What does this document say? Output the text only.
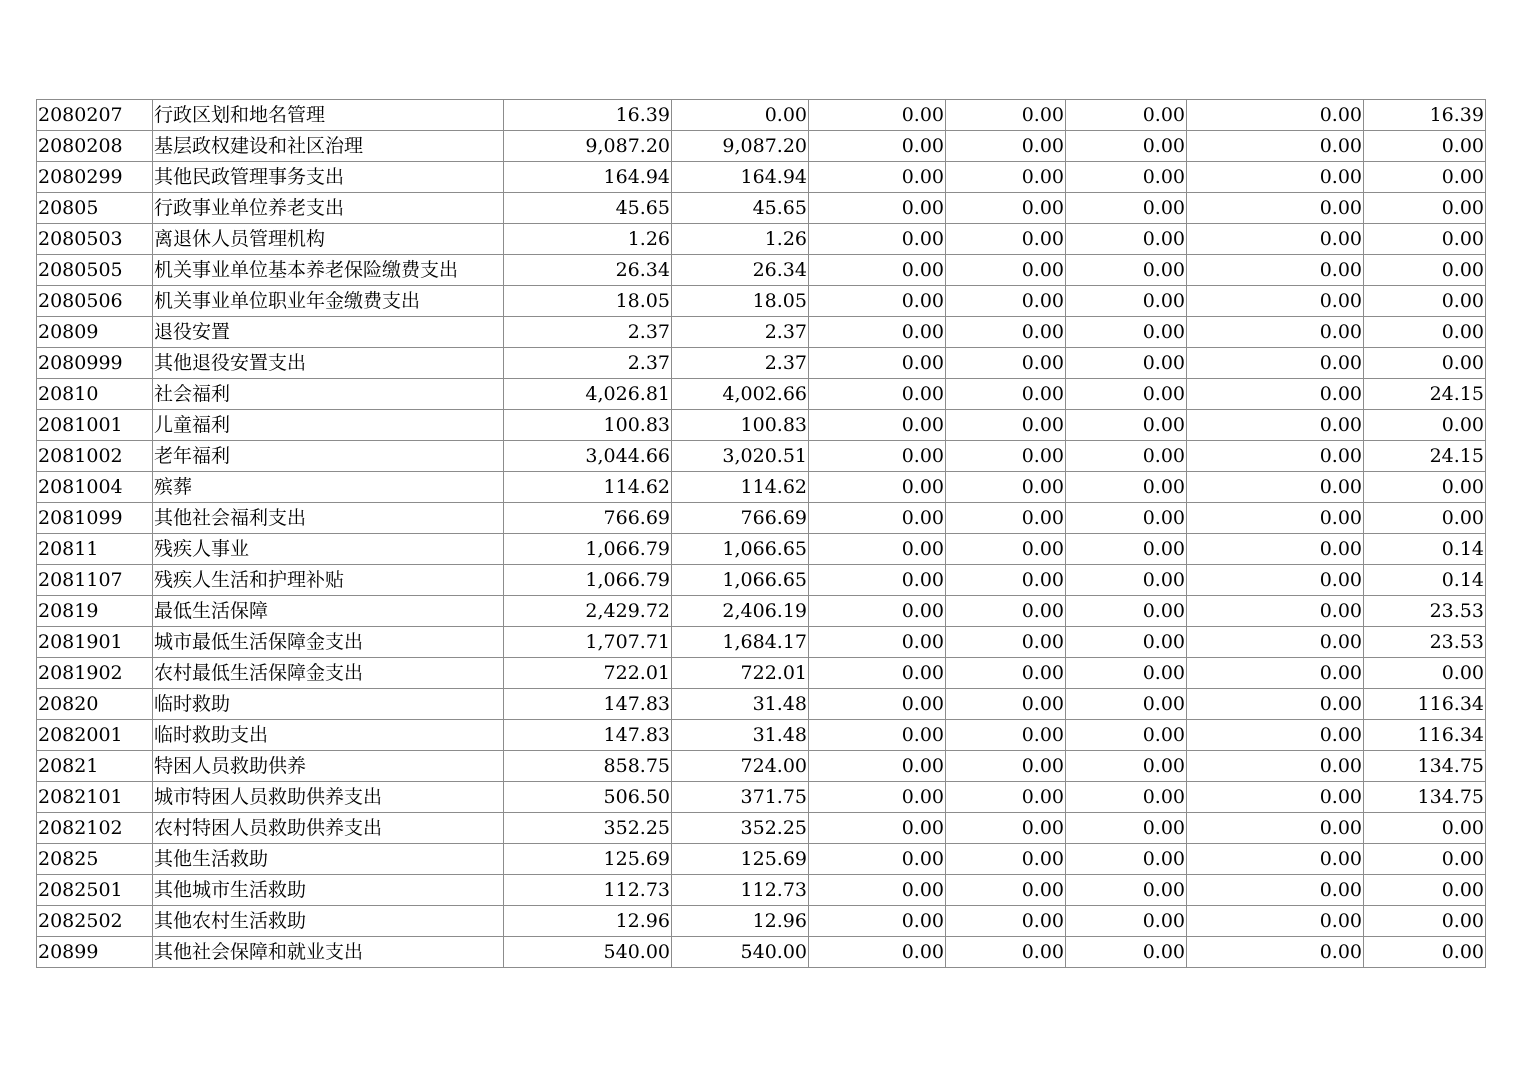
2080207	行政区划和地名管理	16.39	0.00	0.00	0.00	0.00	0.00	16.39
2080208	基层政权建设和社区治理	9,087.20	9,087.20	0.00	0.00	0.00	0.00	0.00
2080299	其他民政管理事务支出	164.94	164.94	0.00	0.00	0.00	0.00	0.00
20805	行政事业单位养老支出	45.65	45.65	0.00	0.00	0.00	0.00	0.00
2080503	离退休人员管理机构	1.26	1.26	0.00	0.00	0.00	0.00	0.00
2080505	机关事业单位基本养老保险缴费支出	26.34	26.34	0.00	0.00	0.00	0.00	0.00
2080506	机关事业单位职业年金缴费支出	18.05	18.05	0.00	0.00	0.00	0.00	0.00
20809	退役安置	2.37	2.37	0.00	0.00	0.00	0.00	0.00
2080999	其他退役安置支出	2.37	2.37	0.00	0.00	0.00	0.00	0.00
20810	社会福利	4,026.81	4,002.66	0.00	0.00	0.00	0.00	24.15
2081001	儿童福利	100.83	100.83	0.00	0.00	0.00	0.00	0.00
2081002	老年福利	3,044.66	3,020.51	0.00	0.00	0.00	0.00	24.15
2081004	殡葬	114.62	114.62	0.00	0.00	0.00	0.00	0.00
2081099	其他社会福利支出	766.69	766.69	0.00	0.00	0.00	0.00	0.00
20811	残疾人事业	1,066.79	1,066.65	0.00	0.00	0.00	0.00	0.14
2081107	残疾人生活和护理补贴	1,066.79	1,066.65	0.00	0.00	0.00	0.00	0.14
20819	最低生活保障	2,429.72	2,406.19	0.00	0.00	0.00	0.00	23.53
2081901	城市最低生活保障金支出	1,707.71	1,684.17	0.00	0.00	0.00	0.00	23.53
2081902	农村最低生活保障金支出	722.01	722.01	0.00	0.00	0.00	0.00	0.00
20820	临时救助	147.83	31.48	0.00	0.00	0.00	0.00	116.34
2082001	临时救助支出	147.83	31.48	0.00	0.00	0.00	0.00	116.34
20821	特困人员救助供养	858.75	724.00	0.00	0.00	0.00	0.00	134.75
2082101	城市特困人员救助供养支出	506.50	371.75	0.00	0.00	0.00	0.00	134.75
2082102	农村特困人员救助供养支出	352.25	352.25	0.00	0.00	0.00	0.00	0.00
20825	其他生活救助	125.69	125.69	0.00	0.00	0.00	0.00	0.00
2082501	其他城市生活救助	112.73	112.73	0.00	0.00	0.00	0.00	0.00
2082502	其他农村生活救助	12.96	12.96	0.00	0.00	0.00	0.00	0.00
20899	其他社会保障和就业支出	540.00	540.00	0.00	0.00	0.00	0.00	0.00
